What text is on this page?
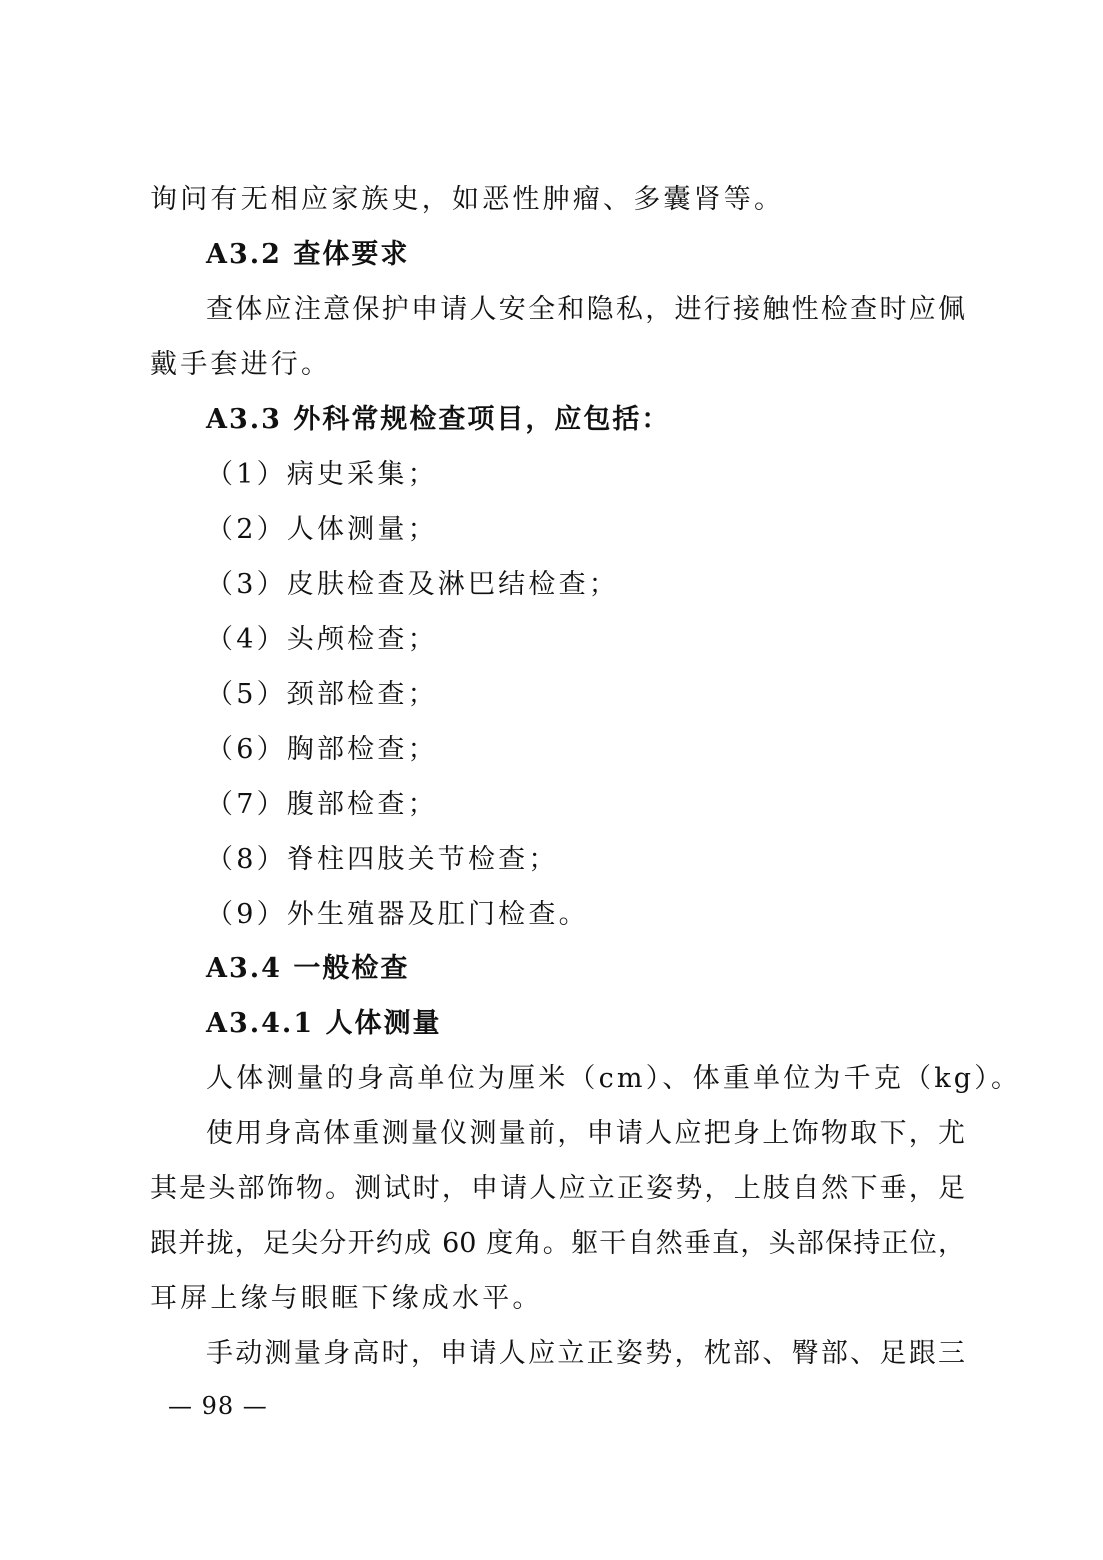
询问有无相应家族史，如恶性肿瘤、多囊肾等。
A3.2 查体要求
查体应注意保护申请人安全和隐私，进行接触性检查时应佩
戴手套进行。
A3.3 外科常规检查项目，应包括：
（1）病史采集；
（2）人体测量；
（3）皮肤检查及淋巴结检查；
（4）头颅检查；
（5）颈部检查；
（6）胸部检查；
（7）腹部检查；
（8）脊柱四肢关节检查；
（9）外生殖器及肛门检查。
A3.4 一般检查
A3.4.1 人体测量
人体测量的身高单位为厘米（cm）、体重单位为千克（kg）。
使用身高体重测量仪测量前，申请人应把身上饰物取下，尤
其是头部饰物。测试时，申请人应立正姿势，上肢自然下垂，足
跟并拢，足尖分开约成 60 度角。躯干自然垂直，头部保持正位，
耳屏上缘与眼眶下缘成水平。
手动测量身高时，申请人应立正姿势，枕部、臀部、足跟三
— 98 —
